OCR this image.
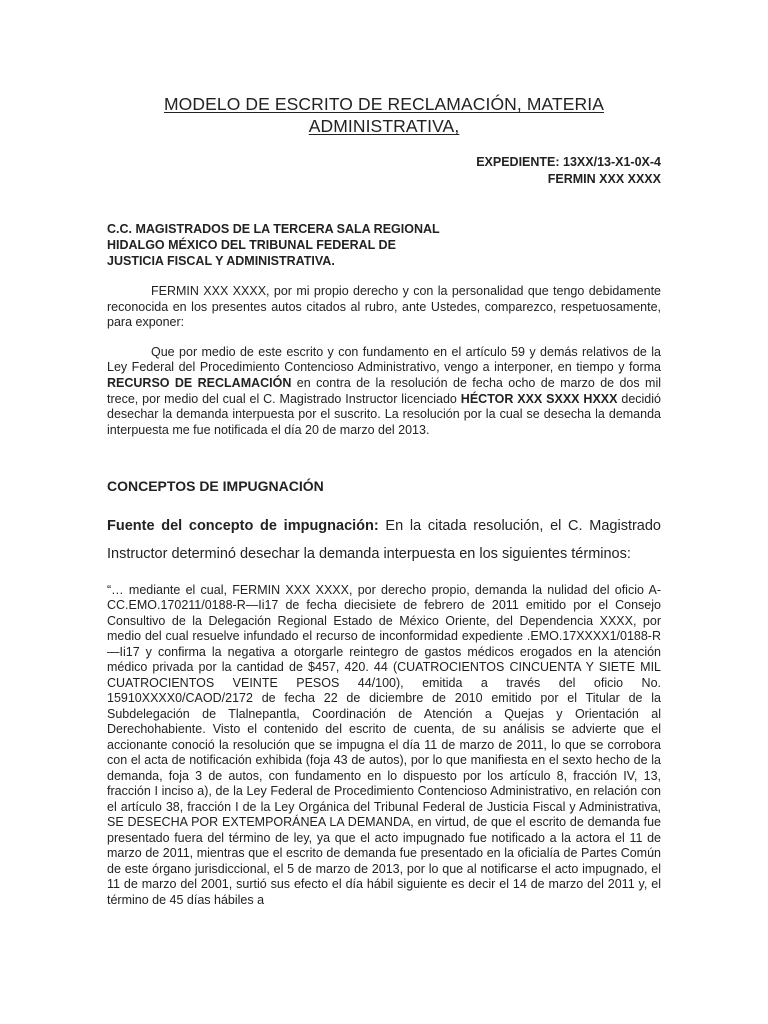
MODELO DE ESCRITO DE RECLAMACIÓN, MATERIA
ADMINISTRATIVA,
EXPEDIENTE: 13XX/13-X1-0X-4
FERMIN XXX XXXX
C.C. MAGISTRADOS DE LA TERCERA SALA REGIONAL
HIDALGO MÉXICO DEL TRIBUNAL FEDERAL DE
JUSTICIA FISCAL Y ADMINISTRATIVA.

FERMIN XXX XXXX, por mi propio derecho y con la personalidad que tengo debidamente reconocida en los presentes autos citados al rubro, ante Ustedes, comparezco, respetuosamente, para exponer:

Que por medio de este escrito y con fundamento en el artículo 59 y demás relativos de la Ley Federal del Procedimiento Contencioso Administrativo, vengo a interponer, en tiempo y forma RECURSO DE RECLAMACIÓN en contra de la resolución de fecha ocho de marzo de dos mil trece, por medio del cual el C. Magistrado Instructor licenciado HÉCTOR XXX SXXX HXXX decidió desechar la demanda interpuesta por el suscrito. La resolución por la cual se desecha la demanda interpuesta me fue notificada el día 20 de marzo del 2013.

CONCEPTOS DE IMPUGNACIÓN

Fuente del concepto de impugnación: En la citada resolución, el C. Magistrado Instructor determinó desechar la demanda interpuesta en los siguientes términos:

“… mediante el cual, FERMIN XXX XXXX, por derecho propio, demanda la nulidad del oficio A-CC.EMO.170211/0188-R—Ii17 de fecha diecisiete de febrero de 2011 emitido por el Consejo Consultivo de la Delegación Regional Estado de México Oriente, del Dependencia XXXX, por medio del cual resuelve infundado el recurso de inconformidad expediente .EMO.17XXXX1/0188-R—Ii17 y confirma la negativa a otorgarle reintegro de gastos médicos erogados en la atención médico privada por la cantidad de $457, 420. 44 (CUATROCIENTOS CINCUENTA Y SIETE MIL CUATROCIENTOS VEINTE PESOS 44/100), emitida a través del oficio No. 15910XXXX0/CAOD/2172 de fecha 22 de diciembre de 2010 emitido por el Titular de la Subdelegación de Tlalnepantla, Coordinación de Atención a Quejas y Orientación al Derechohabiente. Visto el contenido del escrito de cuenta, de su análisis se advierte que el accionante conoció la resolución que se impugna el día 11 de marzo de 2011, lo que se corrobora con el acta de notificación exhibida (foja 43 de autos), por lo que manifiesta en el sexto hecho de la demanda, foja 3 de autos, con fundamento en lo dispuesto por los artículo 8, fracción IV, 13, fracción I inciso a), de la Ley Federal de Procedimiento Contencioso Administrativo, en relación con el artículo 38, fracción I de la Ley Orgánica del Tribunal Federal de Justicia Fiscal y Administrativa, SE DESECHA POR EXTEMPORÁNEA LA DEMANDA, en virtud, de que el escrito de demanda fue presentado fuera del término de ley, ya que el acto impugnado fue notificado a la actora el 11 de marzo de 2011, mientras que el escrito de demanda fue presentado en la oficialía de Partes Común de este órgano jurisdiccional, el 5 de marzo de 2013, por lo que al notificarse el acto impugnado, el 11 de marzo del 2001, surtió sus efecto el día hábil siguiente es decir el 14 de marzo del 2011 y, el término de 45 días hábiles a
